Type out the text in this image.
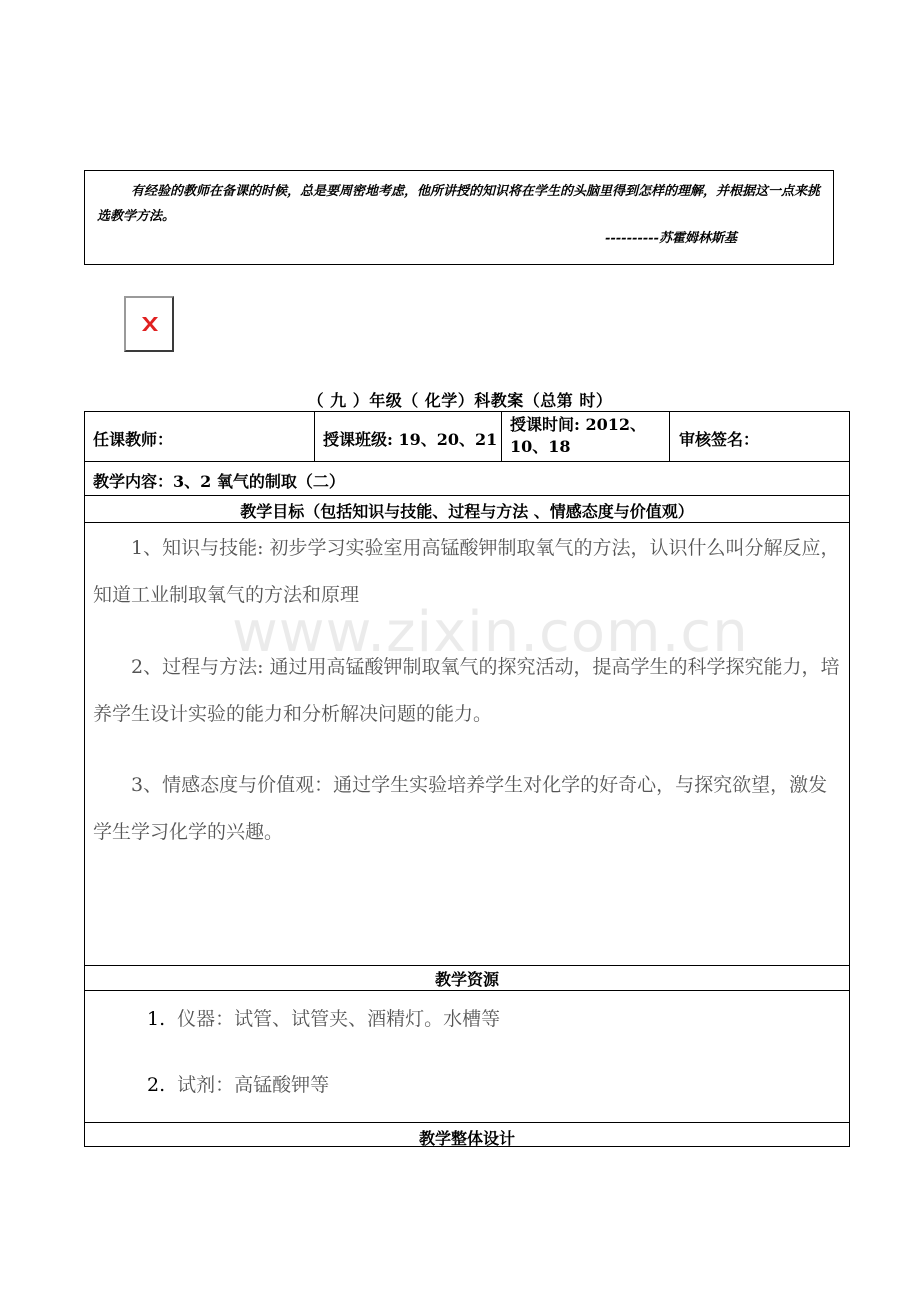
有经验的教师在备课的时候，总是要周密地考虑，他所讲授的知识将在学生的头脑里得到怎样的理解，并根据这一点来挑选教学方法。
----------苏霍姆林斯基
（ 九 ）年级（ 化学）科教案（总第 时）
任课教师：	授课班级: 19、20、21
授课时间: 2012、10、18	审核签名：
教学内容：3、2 氧气的制取（二）
教学目标（包括知识与技能、过程与方法 、情感态度与价值观）
1、知识与技能: 初步学习实验室用高锰酸钾制取氧气的方法，认识什么叫分解反应，知道工业制取氧气的方法和原理
2、过程与方法: 通过用高锰酸钾制取氧气的探究活动，提高学生的科学探究能力，培养学生设计实验的能力和分析解决问题的能力。
3、情感态度与价值观：通过学生实验培养学生对化学的好奇心，与探究欲望，激发学生学习化学的兴趣。
教学资源
1. 仪器：试管、试管夹、酒精灯。水槽等
2. 试剂：高锰酸钾等
教学整体设计
www.zixin.com.cn
